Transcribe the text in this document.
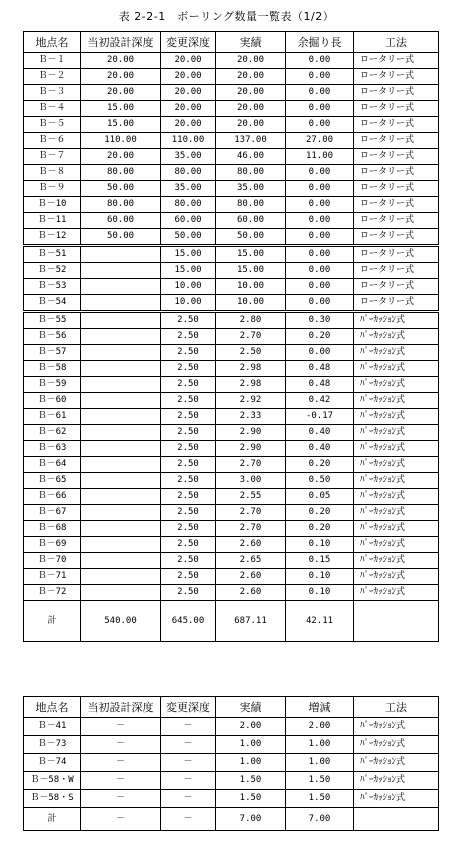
表 2-2-1　ボーリング数量一覧表（1/2）
地点名	当初設計深度	変更深度	実績	余掘り長	工法
Ｂ－１	20.00	20.00	20.00	0.00	ロータリー式
Ｂ－２	20.00	20.00	20.00	0.00	ロータリー式
Ｂ－３	20.00	20.00	20.00	0.00	ロータリー式
Ｂ－４	15.00	20.00	20.00	0.00	ロータリー式
Ｂ－５	15.00	20.00	20.00	0.00	ロータリー式
Ｂ－６	110.00	110.00	137.00	27.00	ロータリー式
Ｂ－７	20.00	35.00	46.00	11.00	ロータリー式
Ｂ－８	80.00	80.00	80.00	0.00	ロータリー式
Ｂ－９	50.00	35.00	35.00	0.00	ロータリー式
Ｂ－10	80.00	80.00	80.00	0.00	ロータリー式
Ｂ－11	60.00	60.00	60.00	0.00	ロータリー式
Ｂ－12	50.00	50.00	50.00	0.00	ロータリー式
Ｂ－51		15.00	15.00	0.00	ロータリー式
Ｂ－52		15.00	15.00	0.00	ロータリー式
Ｂ－53		10.00	10.00	0.00	ロータリー式
Ｂ－54		10.00	10.00	0.00	ロータリー式
Ｂ－55		2.50	2.80	0.30	ﾊﾟｰｶｯｼｮﾝ式
Ｂ－56		2.50	2.70	0.20	ﾊﾟｰｶｯｼｮﾝ式
Ｂ－57		2.50	2.50	0.00	ﾊﾟｰｶｯｼｮﾝ式
Ｂ－58		2.50	2.98	0.48	ﾊﾟｰｶｯｼｮﾝ式
Ｂ－59		2.50	2.98	0.48	ﾊﾟｰｶｯｼｮﾝ式
Ｂ－60		2.50	2.92	0.42	ﾊﾟｰｶｯｼｮﾝ式
Ｂ－61		2.50	2.33	-0.17	ﾊﾟｰｶｯｼｮﾝ式
Ｂ－62		2.50	2.90	0.40	ﾊﾟｰｶｯｼｮﾝ式
Ｂ－63		2.50	2.90	0.40	ﾊﾟｰｶｯｼｮﾝ式
Ｂ－64		2.50	2.70	0.20	ﾊﾟｰｶｯｼｮﾝ式
Ｂ－65		2.50	3.00	0.50	ﾊﾟｰｶｯｼｮﾝ式
Ｂ－66		2.50	2.55	0.05	ﾊﾟｰｶｯｼｮﾝ式
Ｂ－67		2.50	2.70	0.20	ﾊﾟｰｶｯｼｮﾝ式
Ｂ－68		2.50	2.70	0.20	ﾊﾟｰｶｯｼｮﾝ式
Ｂ－69		2.50	2.60	0.10	ﾊﾟｰｶｯｼｮﾝ式
Ｂ－70		2.50	2.65	0.15	ﾊﾟｰｶｯｼｮﾝ式
Ｂ－71		2.50	2.60	0.10	ﾊﾟｰｶｯｼｮﾝ式
Ｂ－72		2.50	2.60	0.10	ﾊﾟｰｶｯｼｮﾝ式
計	540.00	645.00	687.11	42.11	
地点名	当初設計深度	変更深度	実績	増減	工法
Ｂ－41	－	－	2.00	2.00	ﾊﾟｰｶｯｼｮﾝ式
Ｂ－73	－	－	1.00	1.00	ﾊﾟｰｶｯｼｮﾝ式
Ｂ－74	－	－	1.00	1.00	ﾊﾟｰｶｯｼｮﾝ式
Ｂ－58・W	－	－	1.50	1.50	ﾊﾟｰｶｯｼｮﾝ式
Ｂ－58・S	－	－	1.50	1.50	ﾊﾟｰｶｯｼｮﾝ式
計	－	－	7.00	7.00	
